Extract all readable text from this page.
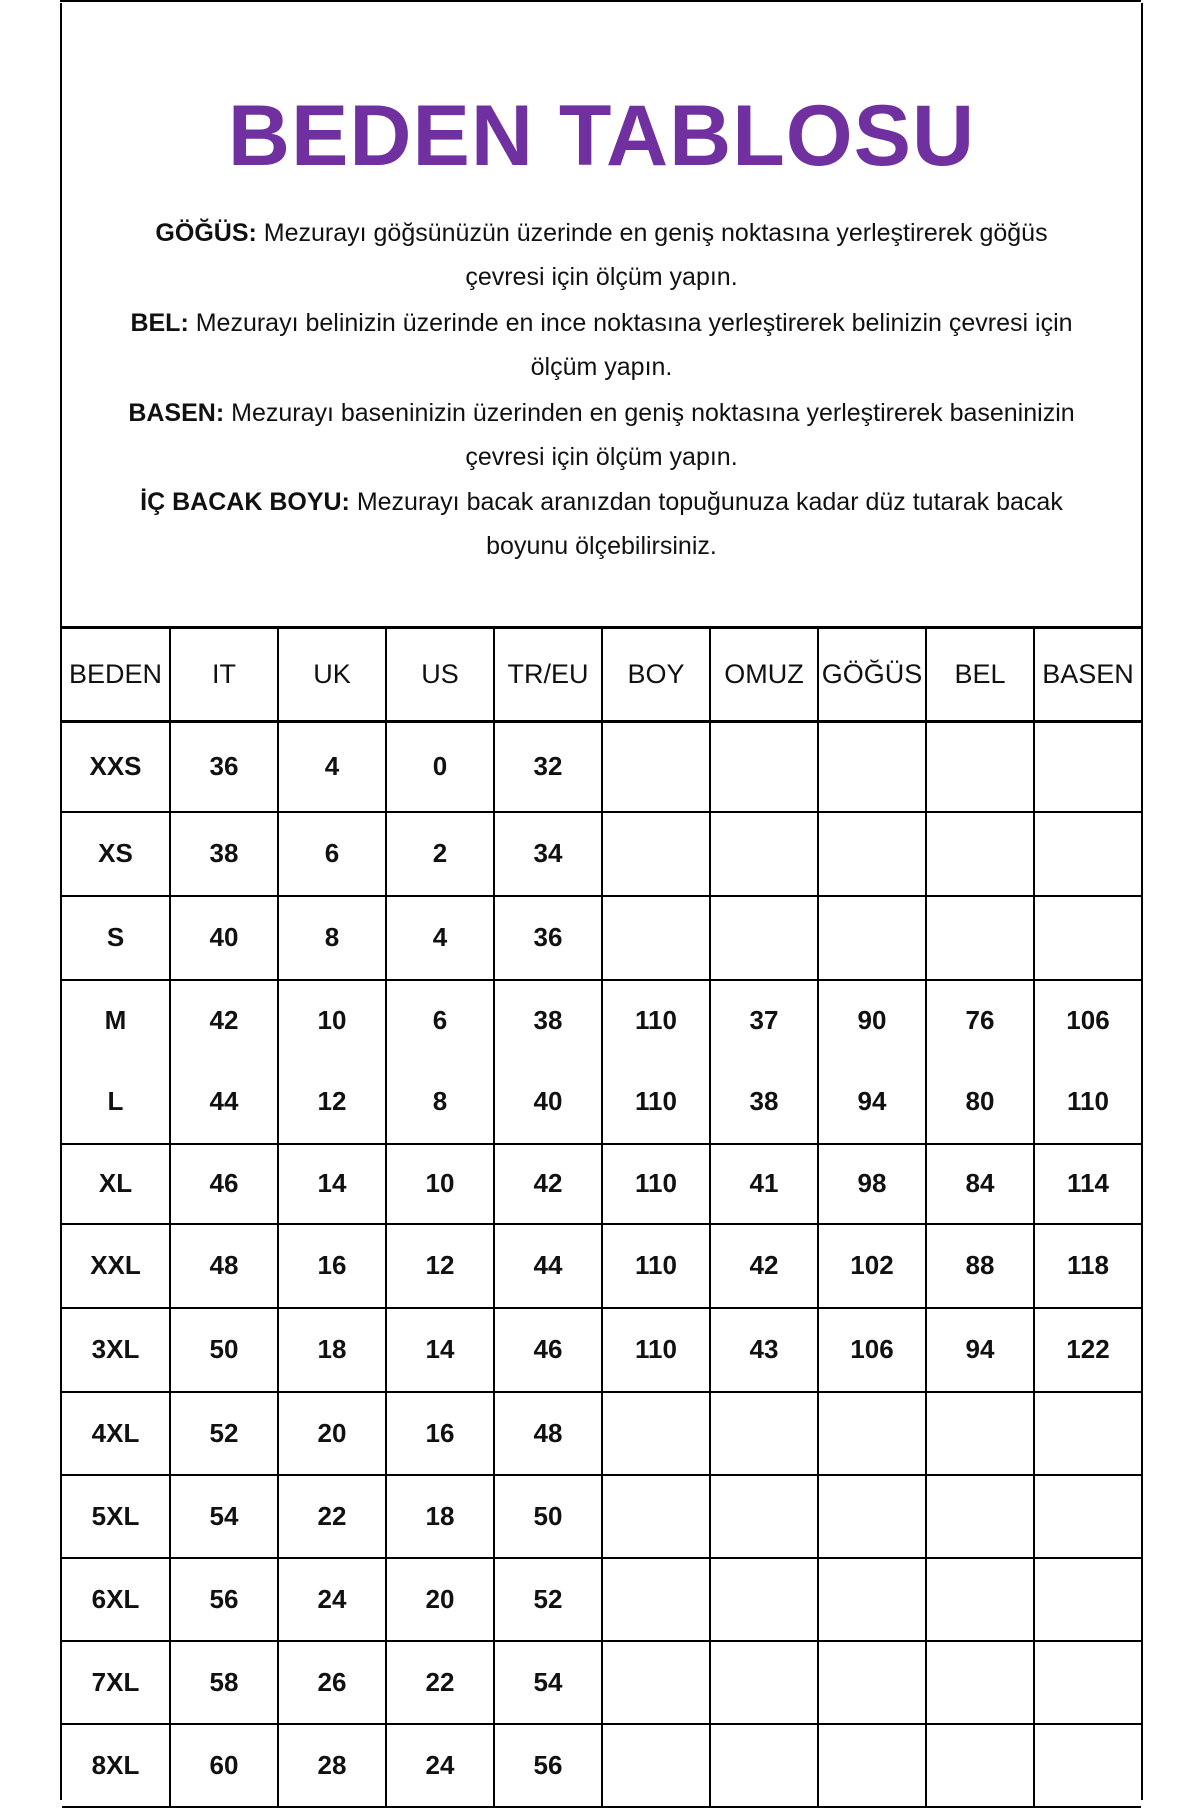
BEDEN TABLOSU
GÖĞÜS: Mezurayı göğsünüzün üzerinde en geniş noktasına yerleştirerek göğüs
çevresi için ölçüm yapın.
BEL: Mezurayı belinizin üzerinde en ince noktasına yerleştirerek belinizin çevresi için
ölçüm yapın.
BASEN: Mezurayı baseninizin üzerinden en geniş noktasına yerleştirerek baseninizin
çevresi için ölçüm yapın.
İÇ BACAK BOYU: Mezurayı bacak aranızdan topuğunuza kadar düz tutarak bacak
boyunu ölçebilirsiniz.
BEDEN	IT	UK	US	TR/EU	BOY	OMUZ	GÖĞÜS	BEL	BASEN
XXS	36	4	0	32					
XS	38	6	2	34					
S	40	8	4	36					
M	42	10	6	38	110	37	90	76	106
L	44	12	8	40	110	38	94	80	110
XL	46	14	10	42	110	41	98	84	114
XXL	48	16	12	44	110	42	102	88	118
3XL	50	18	14	46	110	43	106	94	122
4XL	52	20	16	48					
5XL	54	22	18	50					
6XL	56	24	20	52					
7XL	58	26	22	54					
8XL	60	28	24	56					
